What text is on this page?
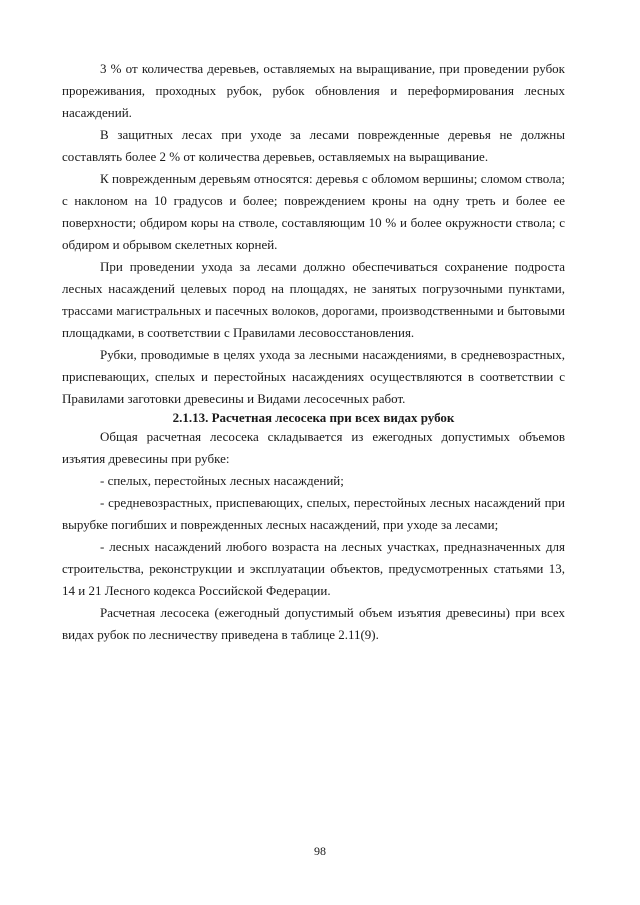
3 % от количества деревьев, оставляемых на выращивание, при проведении рубок прореживания, проходных рубок, рубок обновления и переформирования лесных насаждений.

В защитных лесах при уходе за лесами поврежденные деревья не должны составлять более 2 % от количества деревьев, оставляемых на выращивание.

К поврежденным деревьям относятся: деревья с обломом вершины; сломом ствола; с наклоном на 10 градусов и более; повреждением кроны на одну треть и более ее поверхности; обдиром коры на стволе, составляющим 10 % и более окружности ствола; с обдиром и обрывом скелетных корней.

При проведении ухода за лесами должно обеспечиваться сохранение подроста лесных насаждений целевых пород на площадях, не занятых погрузочными пунктами, трассами магистральных и пасечных волоков, дорогами, производственными и бытовыми площадками, в соответствии с Правилами лесовосстановления.

Рубки, проводимые в целях ухода за лесными насаждениями, в средневозрастных, приспевающих, спелых и перестойных насаждениях осуществляются в соответствии с Правилами заготовки древесины и Видами лесосечных работ.

2.1.13. Расчетная лесосека при всех видах рубок

Общая расчетная лесосека складывается из ежегодных допустимых объемов изъятия древесины при рубке:

- спелых, перестойных лесных насаждений;

- средневозрастных, приспевающих, спелых, перестойных лесных насаждений при вырубке погибших и поврежденных лесных насаждений, при уходе за лесами;

- лесных насаждений любого возраста на лесных участках, предназначенных для строительства, реконструкции и эксплуатации объектов, предусмотренных статьями 13, 14 и 21 Лесного кодекса Российской Федерации.

Расчетная лесосека (ежегодный допустимый объем изъятия древесины) при всех видах рубок по лесничеству приведена в таблице 2.11(9).

98
